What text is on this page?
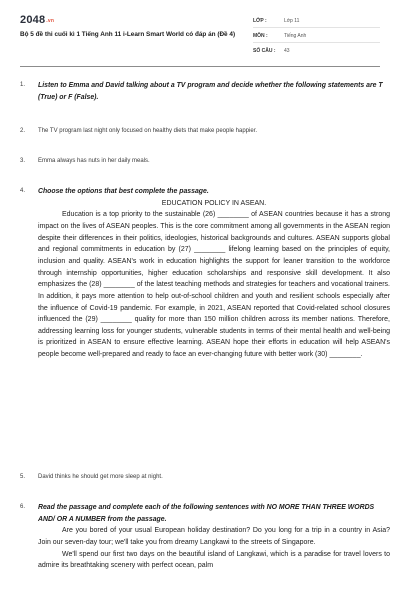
$2048^{.vn}$
Bộ 5 đề thi cuối kì 1 Tiếng Anh 11 i-Learn Smart World có đáp án (Đề 4)
LỚP :	Lớp 11
MÔN :	Tiếng Anh
SỐ CÂU : 43
1. Listen to Emma and David talking about a TV program and decide whether the following statements are T (True) or F (False).
2. The TV program last night only focused on healthy diets that make people happier.
3. Emma always has nuts in her daily meals.
4. Choose the options that best complete the passage.
EDUCATION POLICY IN ASEAN.

Education is a top priority to the sustainable (26) ________ of ASEAN countries because it has a strong impact on the lives of ASEAN peoples. This is the core commitment among all governments in the ASEAN region despite their differences in their politics, ideologies, historical backgrounds and cultures. ASEAN supports global and regional commitments in education by (27) ________ lifelong learning based on the principles of equity, inclusion and quality. ASEAN's work in education highlights the support for leaner transition to the workforce through internship opportunities, higher education scholarships and responsive skill development. It also emphasizes the (28) ________ of the latest teaching methods and strategies for teachers and vocational trainers. In addition, it pays more attention to help out-of-school children and youth and resilient schools especially after the influence of Covid-19 pandemic. For example, in 2021, ASEAN reported that Covid-related school closures influenced the (29) ________ quality for more than 150 million children across its member nations. Therefore, addressing learning loss for younger students, vulnerable students in terms of their mental health and well-being is prioritized in ASEAN to ensure effective learning. ASEAN hope their efforts in education will help ASEAN's people become well-prepared and ready to face an ever-changing future with better work (30) ________.

5. David thinks he should get more sleep at night.
6. Read the passage and complete each of the following sentences with NO MORE THAN THREE WORDS AND/ OR A NUMBER from the passage.

Are you bored of your usual European holiday destination? Do you long for a trip in a country in Asia? Join our seven-day tour; we'll take you from dreamy Langkawi to the streets of Singapore.

We'll spend our first two days on the beautiful island of Langkawi, which is a paradise for travel lovers to admire its breathtaking scenery with perfect ocean, palm
